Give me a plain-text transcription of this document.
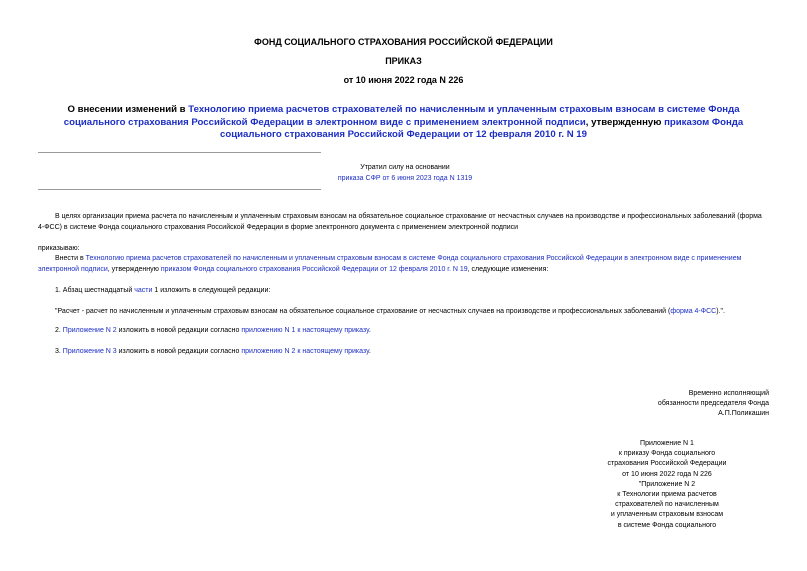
ФОНД СОЦИАЛЬНОГО СТРАХОВАНИЯ РОССИЙСКОЙ ФЕДЕРАЦИИ
ПРИКАЗ
от 10 июня 2022 года N 226
О внесении изменений в Технологию приема расчетов страхователей по начисленным и уплаченным страховым взносам в системе Фонда социального страхования Российской Федерации в электронном виде с применением электронной подписи, утвержденную приказом Фонда социального страхования Российской Федерации от 12 февраля 2010 г. N 19
Утратил силу на основании
приказа СФР от 6 июня 2023 года N 1319
В целях организации приема расчета по начисленным и уплаченным страховым взносам на обязательное социальное страхование от несчастных случаев на производстве и профессиональных заболеваний (форма 4-ФСС) в системе Фонда социального страхования Российской Федерации в форме электронного документа с применением электронной подписи
приказываю:
Внести в Технологию приема расчетов страхователей по начисленным и уплаченным страховым взносам в системе Фонда социального страхования Российской Федерации в электронном виде с применением электронной подписи, утвержденную приказом Фонда социального страхования Российской Федерации от 12 февраля 2010 г. N 19, следующие изменения:
1. Абзац шестнадцатый части 1 изложить в следующей редакции:
"Расчет - расчет по начисленным и уплаченным страховым взносам на обязательное социальное страхование от несчастных случаев на производстве и профессиональных заболеваний (форма 4-ФСС).".
2. Приложение N 2 изложить в новой редакции согласно приложению N 1 к настоящему приказу.
3. Приложение N 3 изложить в новой редакции согласно приложению N 2 к настоящему приказу.
Временно исполняющий
обязанности председателя Фонда
А.П.Поликашин
Приложение N 1
к приказу Фонда социального
страхования Российской Федерации
от 10 июня 2022 года N 226
"Приложение N 2
к Технологии приема расчетов
страхователей по начисленным
и уплаченным страховым взносам
в системе Фонда социального
